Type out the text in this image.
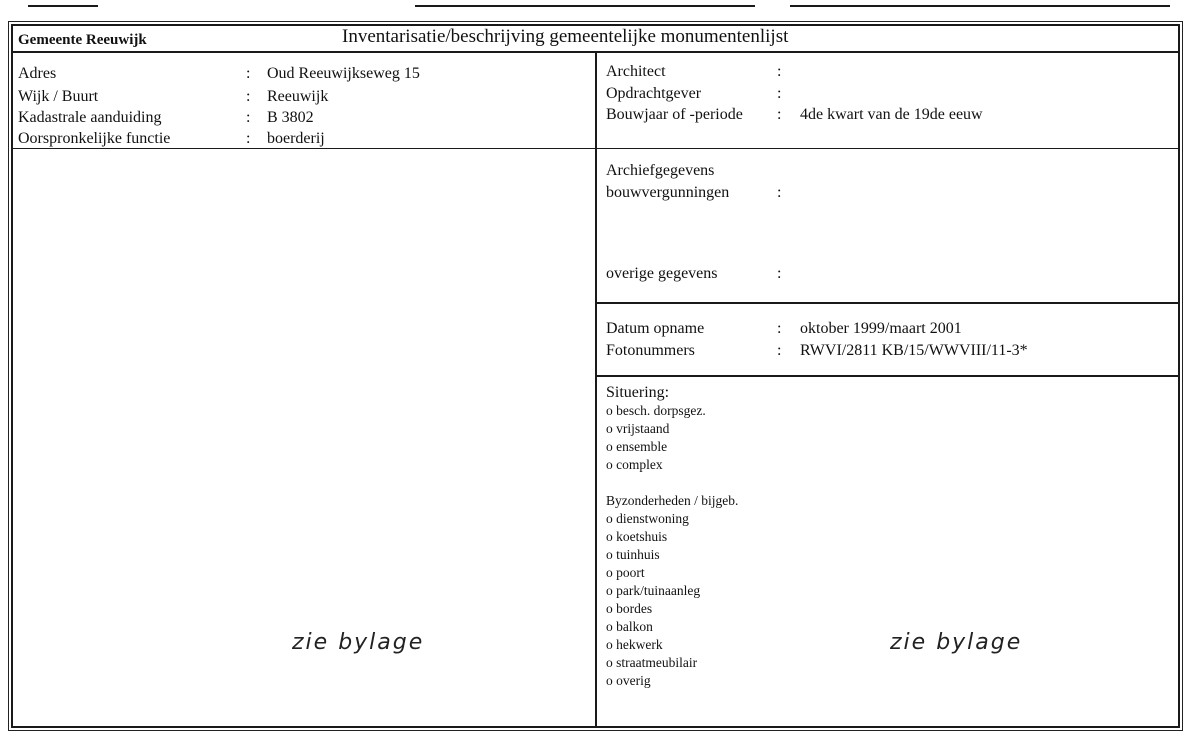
Gemeente Reeuwijk	Inventarisatie/beschrijving gemeentelijke monumentenlijst
Adres	: Oud Reeuwijkseweg 15
Wijk / Buurt	: Reeuwijk
Kadastrale aanduiding	: B 3802
Oorspronkelijke functie	: boerderij
Architect	:
Opdrachtgever	:
Bouwjaar of -periode : 4de kwart van de 19de eeuw
Archiefgegevens
bouwvergunningen	:
overige gegevens	:
Datum opname	: oktober 1999/maart 2001
Fotonummers	: RWVI/2811 KB/15/WWVIII/11-3*
Situering:
o besch. dorpsgez.
o vrijstaand
o ensemble
o complex
Byzonderheden / bijgeb.
o dienstwoning
o koetshuis
o tuinhuis
o poort
o park/tuinaanleg
o bordes
o balkon
o hekwerk
o straatmeubilair
o overig
zie bylage	zie bylage
